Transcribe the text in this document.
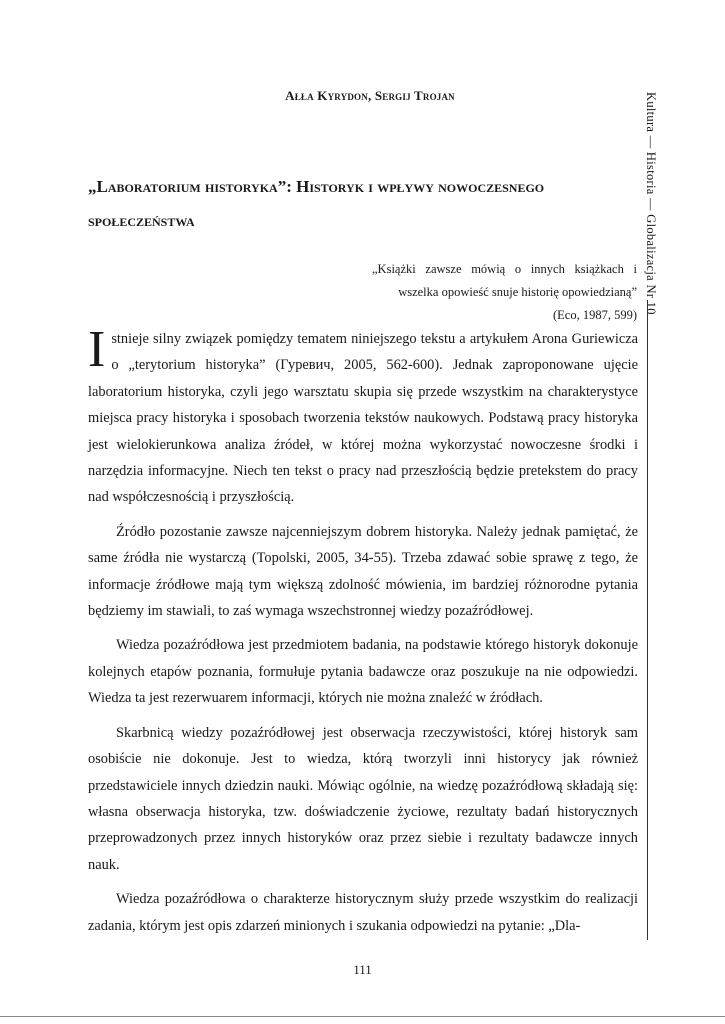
Ałła Kyrydon, Sergij Trojan	Kultura — Historia — Globalizacja Nr 10
„Laboratorium historyka”: Historyk i wpływy nowoczesnego społeczeństwa
„Książki zawsze mówią o innych książkach i wszelka opowieść snuje historię opowiedzianą”
(Eco, 1987, 599)

Istnieje silny związek pomiędzy tematem niniejszego tekstu a artykułem Arona Guriewicza o „terytorium historyka” (Гуревич, 2005, 562-600). Jednak zaproponowane ujęcie laboratorium historyka, czyli jego warsztatu skupia się przede wszystkim na charakterystyce miejsca pracy historyka i sposobach tworzenia tekstów naukowych. Podstawą pracy historyka jest wielokierunkowa analiza źródeł, w której można wykorzystać nowoczesne środki i narzędzia informacyjne. Niech ten tekst o pracy nad przeszłością będzie pretekstem do pracy nad współczesnością i przyszłością.

Źródło pozostanie zawsze najcenniejszym dobrem historyka. Należy jednak pamiętać, że same źródła nie wystarczą (Topolski, 2005, 34-55). Trzeba zdawać sobie sprawę z tego, że informacje źródłowe mają tym większą zdolność mówienia, im bardziej różnorodne pytania będziemy im stawiali, to zaś wymaga wszechstronnej wiedzy pozaźródłowej.

Wiedza pozaźródłowa jest przedmiotem badania, na podstawie którego historyk dokonuje kolejnych etapów poznania, formułuje pytania badawcze oraz poszukuje na nie odpowiedzi. Wiedza ta jest rezerwuarem informacji, których nie można znaleźć w źródłach.

Skarbnicą wiedzy pozaźródłowej jest obserwacja rzeczywistości, której historyk sam osobiście nie dokonuje. Jest to wiedza, którą tworzyli inni historycy jak również przedstawiciele innych dziedzin nauki. Mówiąc ogólnie, na wiedzę pozaźródłową składają się: własna obserwacja historyka, tzw. doświadczenie życiowe, rezultaty badań historycznych przeprowadzonych przez innych historyków oraz przez siebie i rezultaty badawcze innych nauk.

Wiedza pozaźródłowa o charakterze historycznym służy przede wszystkim do realizacji zadania, którym jest opis zdarzeń minionych i szukania odpowiedzi na pytanie: „Dla-

111
